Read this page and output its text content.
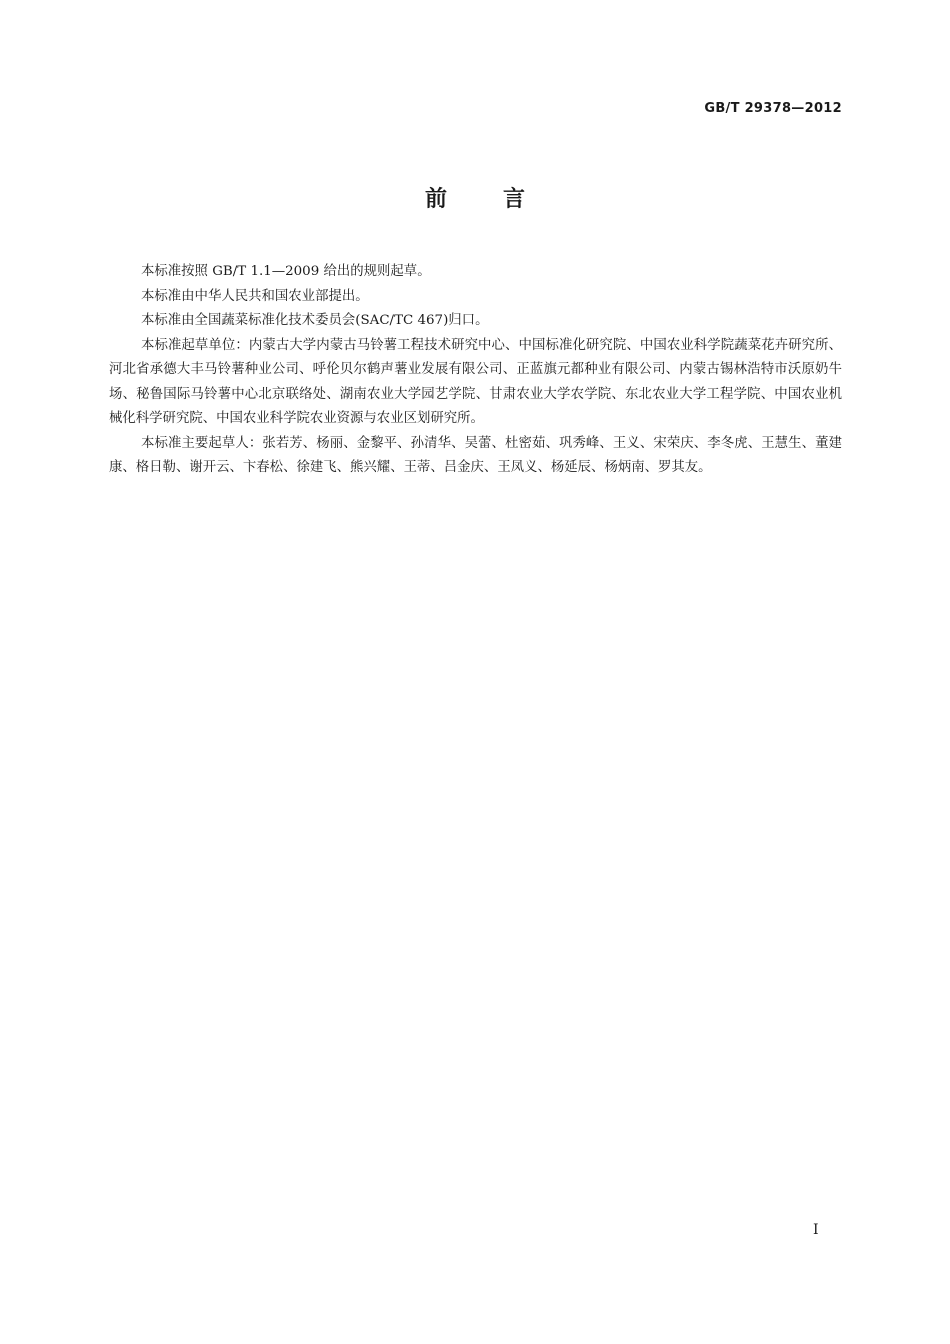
GB/T 29378—2012
前言

本标准按照 GB/T 1.1—2009 给出的规则起草。

本标准由中华人民共和国农业部提出。

本标准由全国蔬菜标准化技术委员会(SAC/TC 467)归口。

本标准起草单位：内蒙古大学内蒙古马铃薯工程技术研究中心、中国标准化研究院、中国农业科学院蔬菜花卉研究所、河北省承德大丰马铃薯种业公司、呼伦贝尔鹤声薯业发展有限公司、正蓝旗元都种业有限公司、内蒙古锡林浩特市沃原奶牛场、秘鲁国际马铃薯中心北京联络处、湖南农业大学园艺学院、甘肃农业大学农学院、东北农业大学工程学院、中国农业机械化科学研究院、中国农业科学院农业资源与农业区划研究所。

本标准主要起草人：张若芳、杨丽、金黎平、孙清华、吴蕾、杜密茹、巩秀峰、王义、宋荣庆、李冬虎、王慧生、董建康、格日勒、谢开云、卞春松、徐建飞、熊兴耀、王蒂、吕金庆、王凤义、杨延辰、杨炳南、罗其友。

I
